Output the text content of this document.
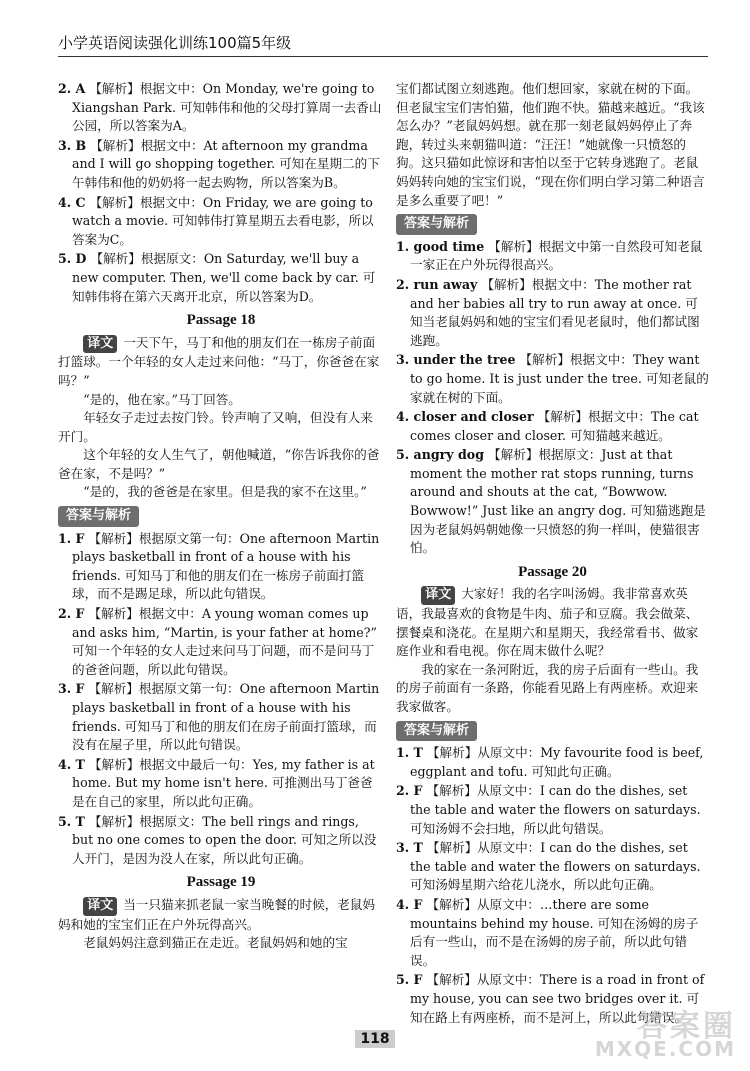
小学英语阅读强化训练100篇5年级
2. A 【解析】根据文中：On Monday, we're going to Xiangshan Park. 可知韩伟和他的父母打算周一去香山公园，所以答案为A。
3. B 【解析】根据文中：At afternoon my grandma and I will go shopping together. 可知在星期二的下午韩伟和他的奶奶将一起去购物，所以答案为B。
4. C 【解析】根据文中：On Friday, we are going to watch a movie. 可知韩伟打算星期五去看电影，所以答案为C。
5. D 【解析】根据原文：On Saturday, we'll buy a new computer. Then, we'll come back by car. 可知韩伟将在第六天离开北京，所以答案为D。
Passage 18

译文 一天下午，马丁和他的朋友们在一栋房子前面打篮球。一个年轻的女人走过来问他：“马丁，你爸爸在家吗？”

“是的，他在家。”马丁回答。

年轻女子走过去按门铃。铃声响了又响，但没有人来开门。

这个年轻的女人生气了，朝他喊道，“你告诉我你的爸爸在家，不是吗？”

“是的，我的爸爸是在家里。但是我的家不在这里。”

答案与解析
1. F 【解析】根据原文第一句：One afternoon Martin plays basketball in front of a house with his friends. 可知马丁和他的朋友们在一栋房子前面打篮球，而不是踢足球，所以此句错误。
2. F 【解析】根据文中：A young woman comes up and asks him, “Martin, is your father at home?” 可知一个年轻的女人走过来问马丁问题，而不是问马丁的爸爸问题，所以此句错误。
3. F 【解析】根据原文第一句：One afternoon Martin plays basketball in front of a house with his friends. 可知马丁和他的朋友们在房子前面打篮球，而没有在屋子里，所以此句错误。
4. T 【解析】根据文中最后一句：Yes, my father is at home. But my home isn't here. 可推测出马丁爸爸是在自己的家里，所以此句正确。
5. T 【解析】根据原文：The bell rings and rings, but no one comes to open the door. 可知之所以没人开门，是因为没人在家，所以此句正确。
Passage 19

译文 当一只猫来抓老鼠一家当晚餐的时候，老鼠妈妈和她的宝宝们正在户外玩得高兴。

老鼠妈妈注意到猫正在走近。老鼠妈妈和她的宝

宝们都试图立刻逃跑。他们想回家，家就在树的下面。但老鼠宝宝们害怕猫，他们跑不快。猫越来越近。“我该怎么办？”老鼠妈妈想。就在那一刻老鼠妈妈停止了奔跑，转过头来朝猫叫道：“汪汪！”她就像一只愤怒的狗。这只猫如此惊讶和害怕以至于它转身逃跑了。老鼠妈妈转向她的宝宝们说，“现在你们明白学习第二种语言是多么重要了吧！”

答案与解析
1. good time 【解析】根据文中第一自然段可知老鼠一家正在户外玩得很高兴。
2. run away 【解析】根据文中：The mother rat and her babies all try to run away at once. 可知当老鼠妈妈和她的宝宝们看见老鼠时，他们都试图逃跑。
3. under the tree 【解析】根据文中：They want to go home. It is just under the tree. 可知老鼠的家就在树的下面。
4. closer and closer 【解析】根据文中：The cat comes closer and closer. 可知猫越来越近。
5. angry dog 【解析】根据原文：Just at that moment the mother rat stops running, turns around and shouts at the cat, “Bowwow. Bowwow!” Just like an angry dog. 可知猫逃跑是因为老鼠妈妈朝她像一只愤怒的狗一样叫，使猫很害怕。
Passage 20

译文 大家好！我的名字叫汤姆。我非常喜欢英语，我最喜欢的食物是牛肉、茄子和豆腐。我会做菜、摆餐桌和浇花。在星期六和星期天，我经常看书、做家庭作业和看电视。你在周末做什么呢？

我的家在一条河附近，我的房子后面有一些山。我的房子前面有一条路，你能看见路上有两座桥。欢迎来我家做客。

答案与解析
1. T 【解析】从原文中：My favourite food is beef, eggplant and tofu. 可知此句正确。
2. F 【解析】从原文中：I can do the dishes, set the table and water the flowers on saturdays. 可知汤姆不会扫地，所以此句错误。
3. T 【解析】从原文中：I can do the dishes, set the table and water the flowers on saturdays. 可知汤姆星期六给花儿浇水，所以此句正确。
4. F 【解析】从原文中：…there are some mountains behind my house. 可知在汤姆的房子后有一些山，而不是在汤姆的房子前，所以此句错误。
5. F 【解析】从原文中：There is a road in front of my house, you can see two bridges over it. 可知在路上有两座桥，而不是河上，所以此句错误。
118	答案圈
MXQE.COM
